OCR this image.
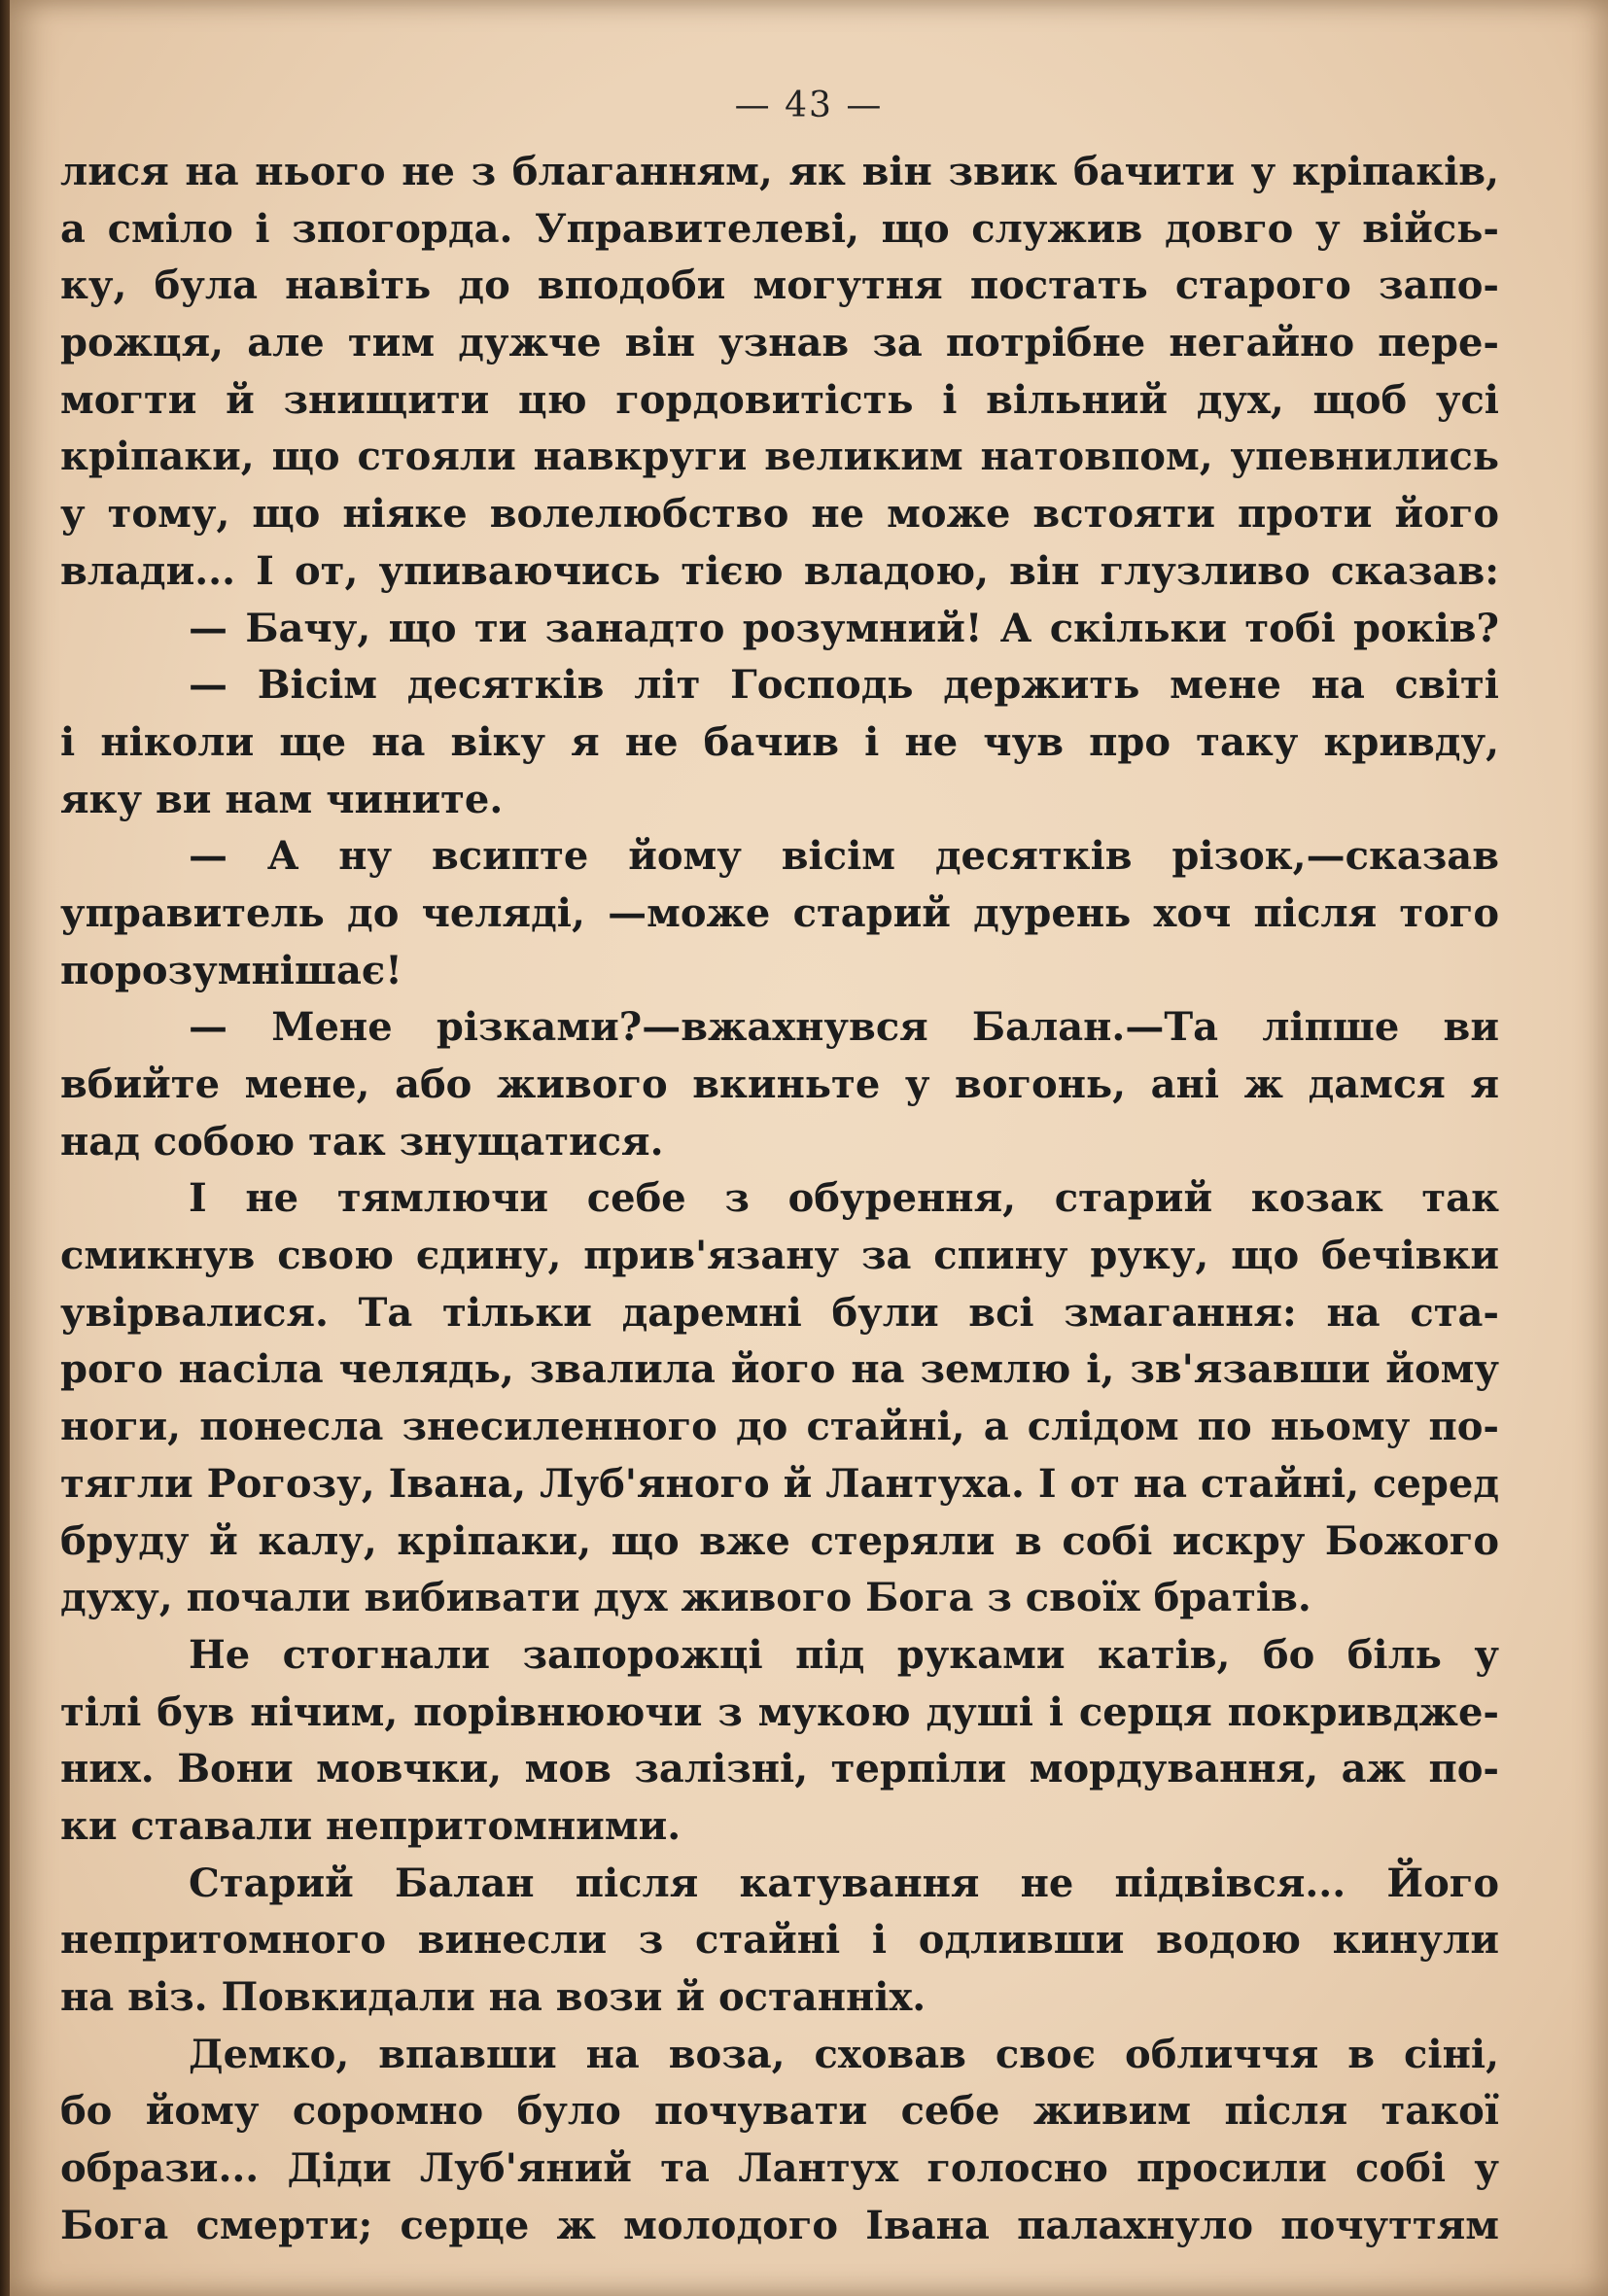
— 43 —
лися на нього не з благанням, як він звик бачити у кріпаків,
а сміло і зпогорда. Управителеві, що служив довго у війсь-
ку, була навіть до вподоби могутня постать старого запо-
рожця, але тим дужче він узнав за потрібне негайно пере-
могти й знищити цю гордовитість і вільний дух, щоб усі
кріпаки, що стояли навкруги великим натовпом, упевнились
у тому, що ніяке волелюбство не може встояти проти його
влади... І от, упиваючись тією владою, він глузливо сказав:
— Бачу, що ти занадто розумний! А скільки тобі років?
— Вісім десятків літ Господь держить мене на світі
і ніколи ще на віку я не бачив і не чув про таку кривду,
яку ви нам чините.
— А ну всипте йому вісім десятків різок,—сказав
управитель до челяді, —може старий дурень хоч після того
порозумнішає!
— Мене різками?—вжахнувся Балан.—Та ліпше ви
вбийте мене, або живого вкиньте у вогонь, ані ж дамся я
над собою так знущатися.
І не тямлючи себе з обурення, старий козак так
смикнув свою єдину, прив'язану за спину руку, що бечівки
увірвалися. Та тільки даремні були всі змагання: на ста-
рого насіла челядь, звалила його на землю і, зв'язавши йому
ноги, понесла знесиленного до стайні, а слідом по ньому по-
тягли Рогозу, Івана, Луб'яного й Лантуха. І от на стайні, серед
бруду й калу, кріпаки, що вже стеряли в собі искру Божого
духу, почали вибивати дух живого Бога з своїх братів.
Не стогнали запорожці під руками катів, бо біль у
тілі був нічим, порівнюючи з мукою душі і серця покривдже-
них. Вони мовчки, мов залізні, терпіли мордування, аж по-
ки ставали непритомними.
Старий Балан після катування не підвівся... Його
непритомного винесли з стайні і одливши водою кинули
на віз. Повкидали на вози й останніх.
Демко, впавши на воза, сховав своє обличчя в сіні,
бо йому соромно було почувати себе живим після такої
образи... Діди Луб'яний та Лантух голосно просили собі у
Бога смерти; серце ж молодого Івана палахнуло почуттям
